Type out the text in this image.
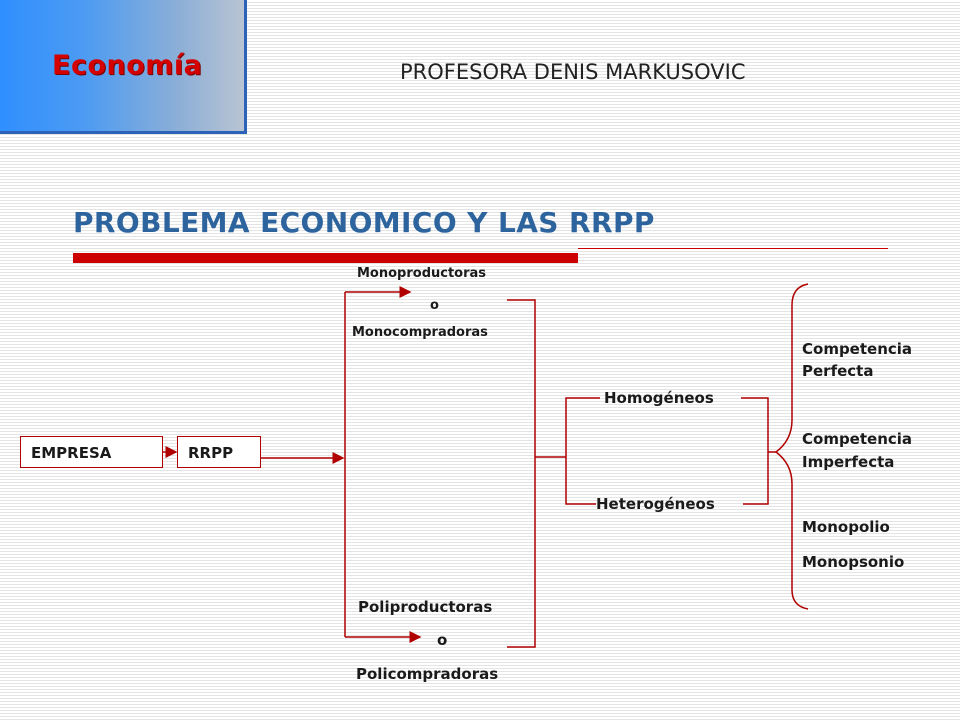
Economía	PROFESORA DENIS MARKUSOVIC
PROBLEMA ECONOMICO Y LAS RRPP
EMPRESA	RRPP
Monoproductoras
o
Monocompradoras
Poliproductoras
o
Policompradoras
Homogéneos
Heterogéneos
Competencia
Perfecta
Competencia
Imperfecta
Monopolio
Monopsonio
